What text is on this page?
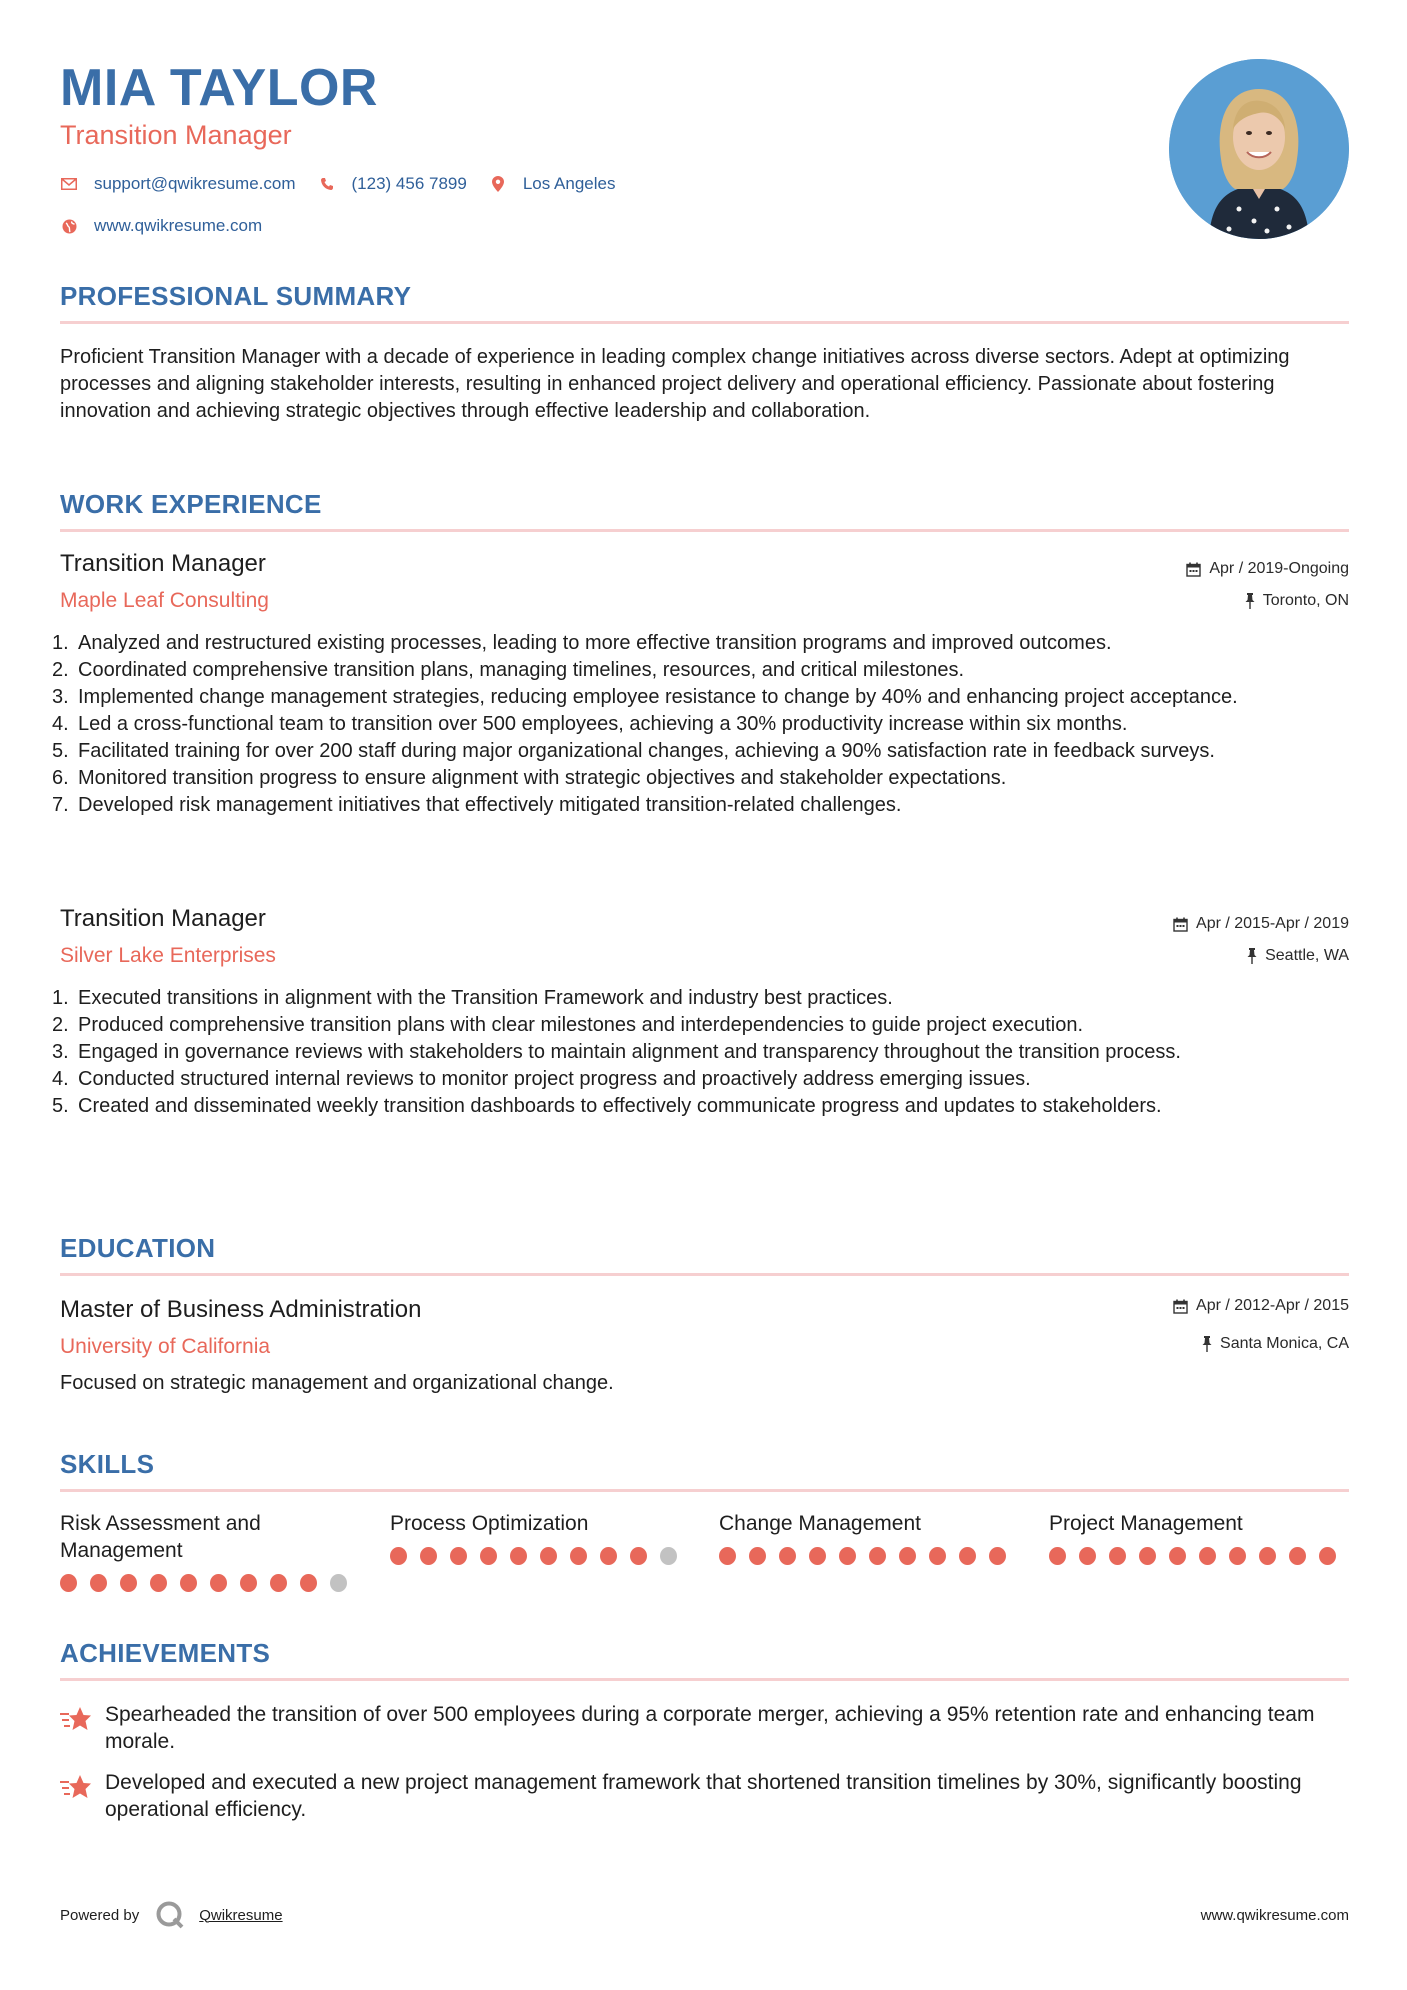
MIA TAYLOR
Transition Manager
support@qwikresume.com	(123) 456 7899	Los Angeles
www.qwikresume.com
PROFESSIONAL SUMMARY
Proficient Transition Manager with a decade of experience in leading complex change initiatives across diverse sectors. Adept at optimizing processes and aligning stakeholder interests, resulting in enhanced project delivery and operational efficiency. Passionate about fostering innovation and achieving strategic objectives through effective leadership and collaboration.
WORK EXPERIENCE
Transition Manager
Maple Leaf Consulting
Apr / 2019-Ongoing
Toronto, ON
1. Analyzed and restructured existing processes, leading to more effective transition programs and improved outcomes.
2. Coordinated comprehensive transition plans, managing timelines, resources, and critical milestones.
3. Implemented change management strategies, reducing employee resistance to change by 40% and enhancing project acceptance.
4. Led a cross-functional team to transition over 500 employees, achieving a 30% productivity increase within six months.
5. Facilitated training for over 200 staff during major organizational changes, achieving a 90% satisfaction rate in feedback surveys.
6. Monitored transition progress to ensure alignment with strategic objectives and stakeholder expectations.
7. Developed risk management initiatives that effectively mitigated transition-related challenges.
Transition Manager
Silver Lake Enterprises
Apr / 2015-Apr / 2019
Seattle, WA
1. Executed transitions in alignment with the Transition Framework and industry best practices.
2. Produced comprehensive transition plans with clear milestones and interdependencies to guide project execution.
3. Engaged in governance reviews with stakeholders to maintain alignment and transparency throughout the transition process.
4. Conducted structured internal reviews to monitor project progress and proactively address emerging issues.
5. Created and disseminated weekly transition dashboards to effectively communicate progress and updates to stakeholders.
EDUCATION
Master of Business Administration
University of California
Apr / 2012-Apr / 2015
Santa Monica, CA
Focused on strategic management and organizational change.
SKILLS
Risk Assessment and Management
Process Optimization	Change Management	Project Management
ACHIEVEMENTS
Spearheaded the transition of over 500 employees during a corporate merger, achieving a 95% retention rate and enhancing team morale.
Developed and executed a new project management framework that shortened transition timelines by 30%, significantly boosting operational efficiency.
Powered by	Qwikresume	www.qwikresume.com
